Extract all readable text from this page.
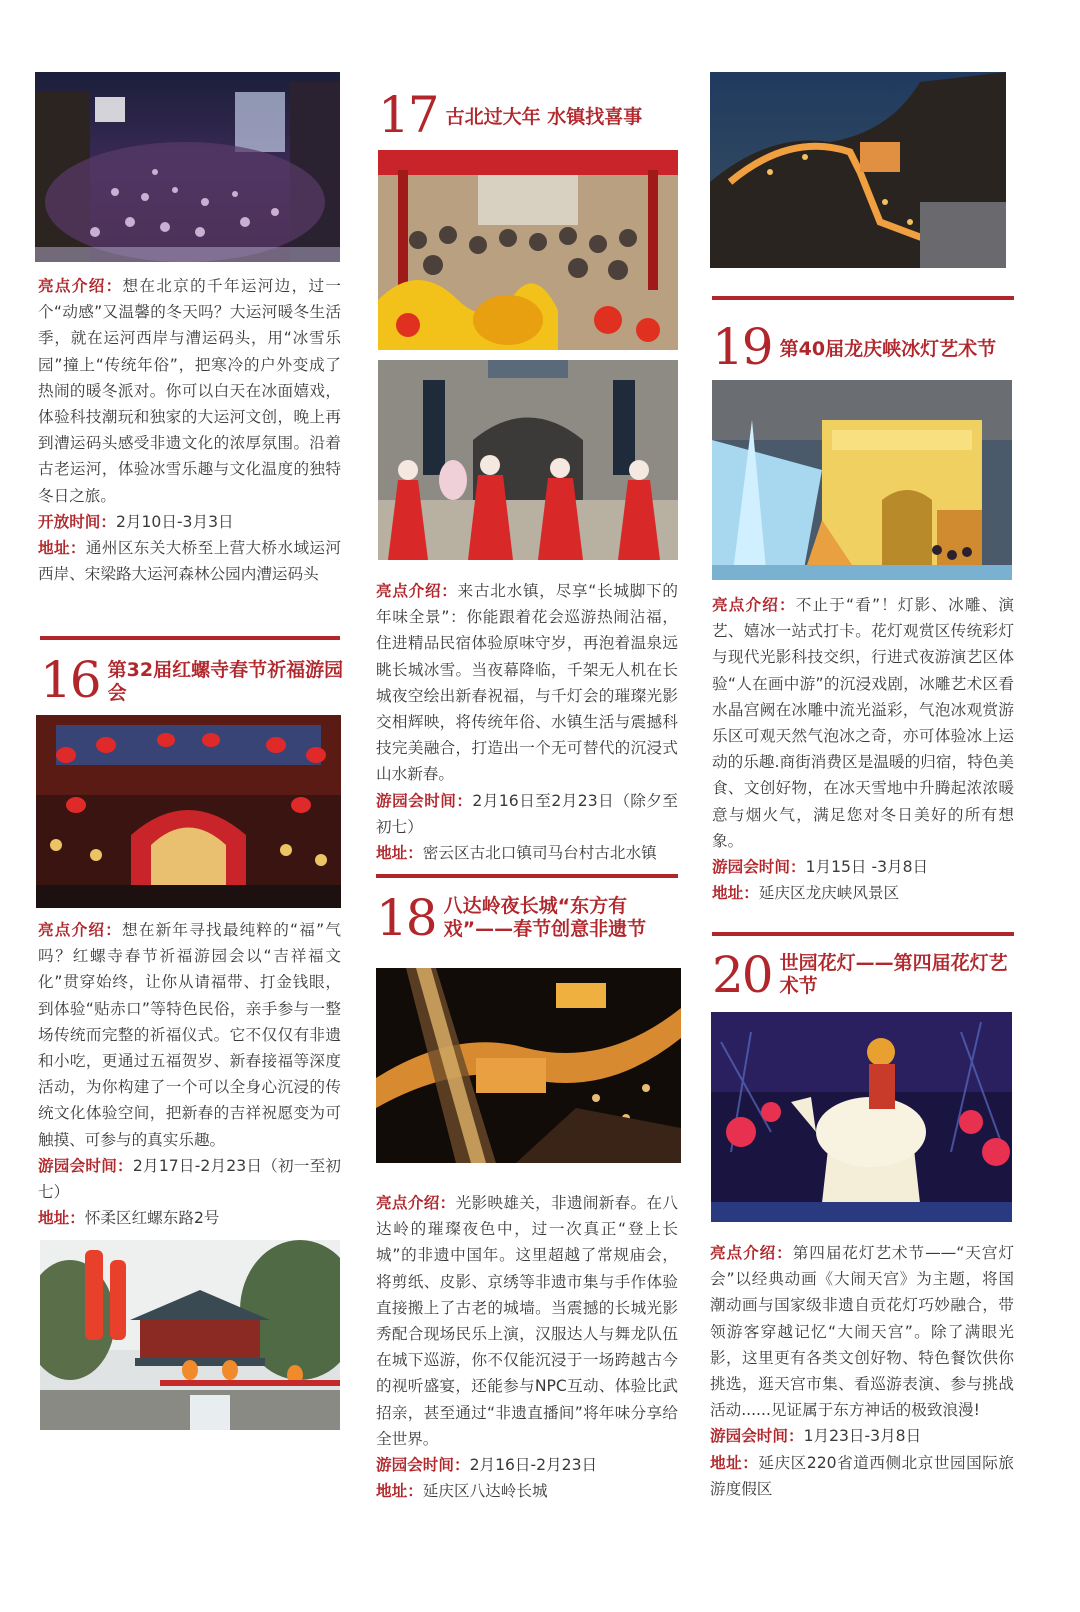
亮点介绍：想在北京的千年运河边，过一个“动感”又温馨的冬天吗？大运河暖冬生活季，就在运河西岸与漕运码头，用“冰雪乐园”撞上“传统年俗”，把寒冷的户外变成了热闹的暖冬派对。你可以白天在冰面嬉戏，体验科技潮玩和独家的大运河文创，晚上再到漕运码头感受非遗文化的浓厚氛围。沿着古老运河，体验冰雪乐趣与文化温度的独特冬日之旅。

开放时间：2月10日-3月3日

地址：通州区东关大桥至上营大桥水域运河西岸、宋梁路大运河森林公园内漕运码头

16 第32届红螺寺春节祈福游园会

亮点介绍：想在新年寻找最纯粹的“福”气吗？红螺寺春节祈福游园会以“吉祥福文化”贯穿始终，让你从请福带、打金钱眼，到体验“贴赤口”等特色民俗，亲手参与一整场传统而完整的祈福仪式。它不仅仅有非遗和小吃，更通过五福贺岁、新春接福等深度活动，为你构建了一个可以全身心沉浸的传统文化体验空间，把新春的吉祥祝愿变为可触摸、可参与的真实乐趣。

游园会时间：2月17日-2月23日（初一至初七）

地址：怀柔区红螺东路2号

17 古北过大年 水镇找喜事

亮点介绍：来古北水镇，尽享“长城脚下的年味全景”：你能跟着花会巡游热闹沾福，住进精品民宿体验原味守岁，再泡着温泉远眺长城冰雪。当夜幕降临，千架无人机在长城夜空绘出新春祝福，与千灯会的璀璨光影交相辉映，将传统年俗、水镇生活与震撼科技完美融合，打造出一个无可替代的沉浸式山水新春。

游园会时间：2月16日至2月23日（除夕至初七）

地址：密云区古北口镇司马台村古北水镇

18 八达岭夜长城“东方有戏”——春节创意非遗节

亮点介绍：光影映雄关，非遗闹新春。在八达岭的璀璨夜色中，过一次真正“登上长城”的非遗中国年。这里超越了常规庙会，将剪纸、皮影、京绣等非遗市集与手作体验直接搬上了古老的城墙。当震撼的长城光影秀配合现场民乐上演，汉服达人与舞龙队伍在城下巡游，你不仅能沉浸于一场跨越古今的视听盛宴，还能参与NPC互动、体验比武招亲，甚至通过“非遗直播间”将年味分享给全世界。

游园会时间：2月16日-2月23日

地址：延庆区八达岭长城

19 第40届龙庆峡冰灯艺术节

亮点介绍：不止于“看”！灯影、冰雕、演艺、嬉冰一站式打卡。花灯观赏区传统彩灯与现代光影科技交织，行进式夜游演艺区体验“人在画中游”的沉浸戏剧，冰雕艺术区看水晶宫阙在冰雕中流光溢彩，气泡冰观赏游乐区可观天然气泡冰之奇，亦可体验冰上运动的乐趣.商街消费区是温暖的归宿，特色美食、文创好物，在冰天雪地中升腾起浓浓暖意与烟火气，满足您对冬日美好的所有想象。

游园会时间：1月15日 -3月8日

地址：延庆区龙庆峡风景区

20 世园花灯——第四届花灯艺术节

亮点介绍：第四届花灯艺术节——“天宫灯会”以经典动画《大闹天宫》为主题，将国潮动画与国家级非遗自贡花灯巧妙融合，带领游客穿越记忆“大闹天宫”。除了满眼光影，这里更有各类文创好物、特色餐饮供你挑选，逛天宫市集、看巡游表演、参与挑战活动......见证属于东方神话的极致浪漫!

游园会时间：1月23日-3月8日

地址：延庆区220省道西侧北京世园国际旅游度假区
